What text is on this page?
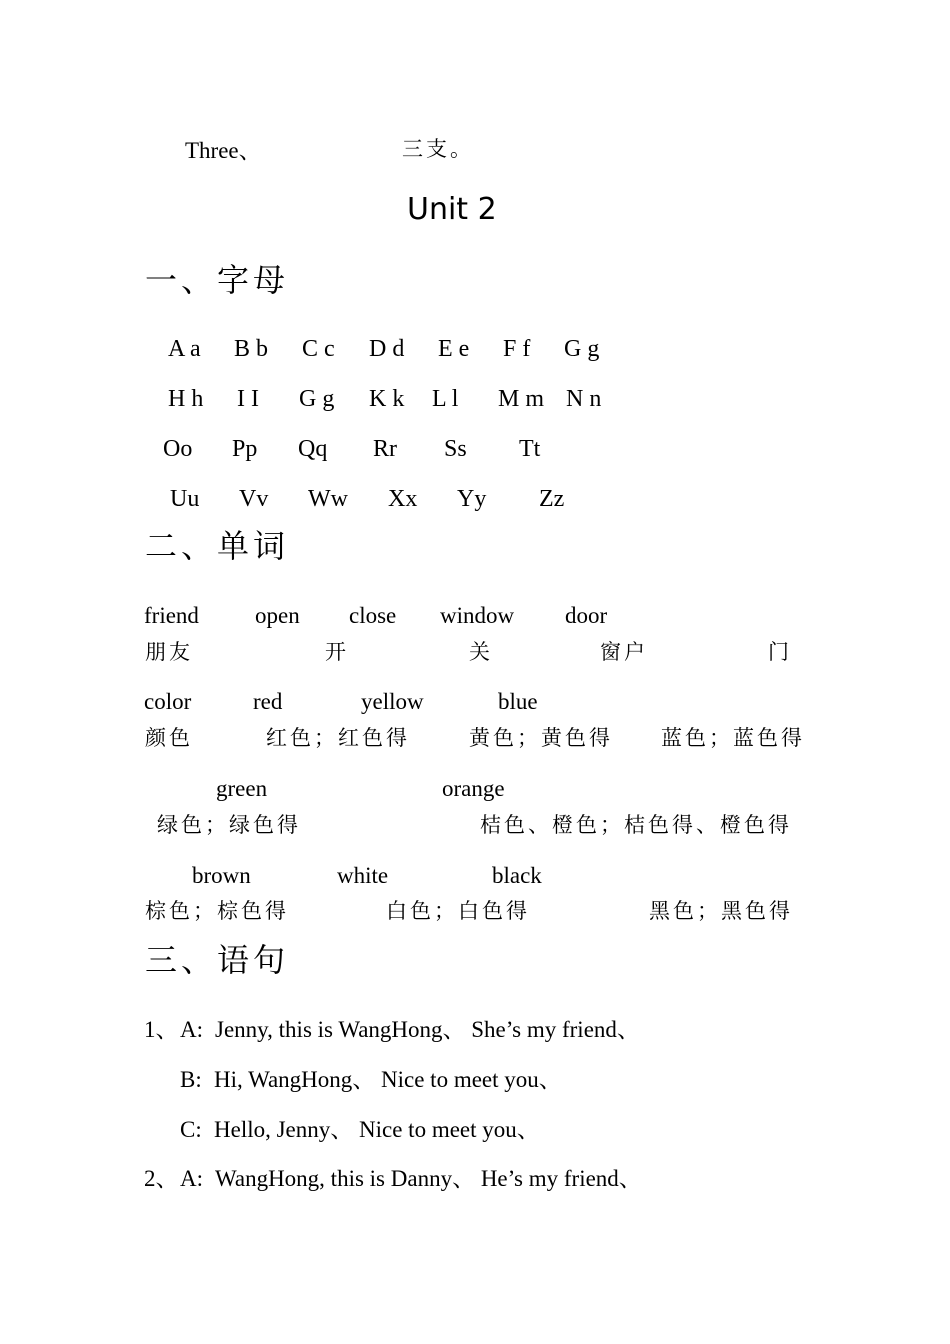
Three、	三支。
Unit 2
一、字母
A a B b C c D d E e F f G g
H h I I G g K k L l M m N n
Oo Pp Qq Rr Ss Tt
Uu Vv Ww Xx Yy Zz
二、单词
friend open close window door
朋友	开	关	窗户	门
color	red	yellow	blue
颜色	红色；红色得	黄色；黄色得 蓝色；蓝色得
green	orange
绿色；绿色得	桔色、橙色；桔色得、橙色得
brown	white	black
棕色；棕色得	白色；白色得	黑色；黑色得
三、语句
1、 A: Jenny, this is WangHong、 She’s my friend、
B: Hi, WangHong、 Nice to meet you、
C: Hello, Jenny、 Nice to meet you、
2、 A: WangHong, this is Danny、 He’s my friend、
